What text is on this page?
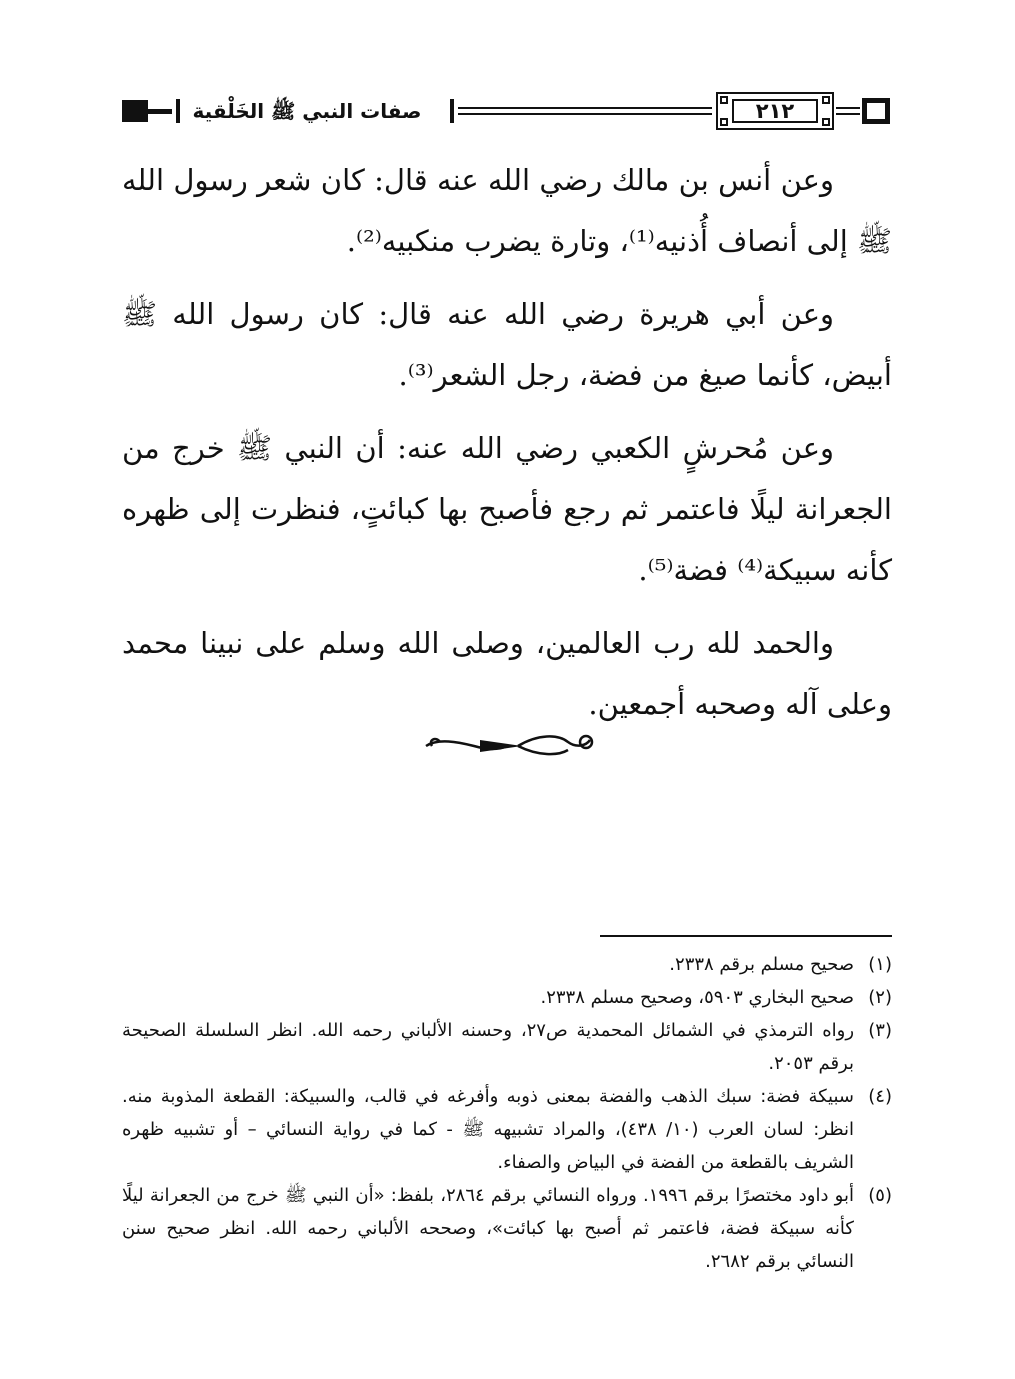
صفات النبي ﷺ الخَلْقية	٢١٢

وعن أنس بن مالك رضي الله عنه قال: كان شعر رسول الله ﷺ إلى أنصاف أُذنيه⁽¹⁾، وتارة يضرب منكبيه⁽²⁾.

وعن أبي هريرة رضي الله عنه قال: كان رسول الله ﷺ أبيض، كأنما صيغ من فضة، رجل الشعر⁽³⁾.

وعن مُحرشٍ الكعبي رضي الله عنه: أن النبي ﷺ خرج من الجعرانة ليلًا فاعتمر ثم رجع فأصبح بها كبائتٍ، فنظرت إلى ظهره كأنه سبيكة⁽⁴⁾ فضة⁽⁵⁾.

والحمد لله رب العالمين، وصلى الله وسلم على نبينا محمد وعلى آله وصحبه أجمعين.

(١)
صحيح مسلم برقم ٢٣٣٨.

(٢)
صحيح البخاري ٥٩٠٣، وصحيح مسلم ٢٣٣٨.

(٣)
رواه الترمذي في الشمائل المحمدية ص٢٧، وحسنه الألباني رحمه الله. انظر السلسلة الصحيحة برقم ٢٠٥٣.

(٤)
سبيكة فضة: سبك الذهب والفضة بمعنى ذوبه وأفرغه في قالب، والسبيكة: القطعة المذوبة منه. انظر: لسان العرب (١٠/ ٤٣٨)، والمراد تشبيهه ﷺ - كما في رواية النسائي – أو تشبيه ظهره الشريف بالقطعة من الفضة في البياض والصفاء.

(٥)
أبو داود مختصرًا برقم ١٩٩٦. ورواه النسائي برقم ٢٨٦٤، بلفظ: «أن النبي ﷺ خرج من الجعرانة ليلًا كأنه سبيكة فضة، فاعتمر ثم أصبح بها كبائت»، وصححه الألباني رحمه الله. انظر صحيح سنن النسائي برقم ٢٦٨٢.
